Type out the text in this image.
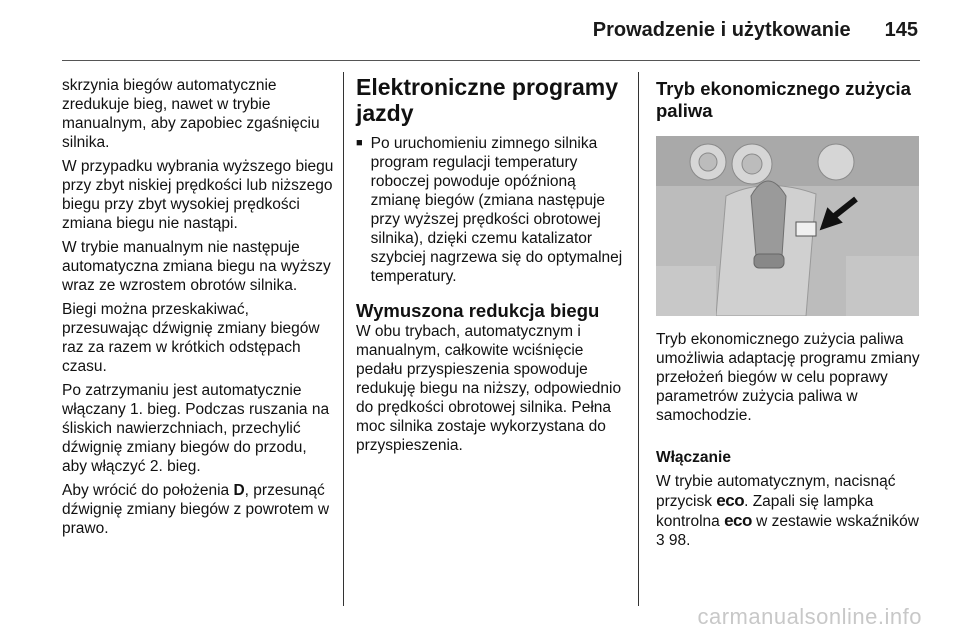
Prowadzenie i użytkowanie 145

skrzynia biegów automatycznie zredukuje bieg, nawet w trybie manualnym, aby zapobiec zgaśnięciu silnika.

W przypadku wybrania wyższego biegu przy zbyt niskiej prędkości lub niższego biegu przy zbyt wysokiej prędkości zmiana biegu nie nastąpi.

W trybie manualnym nie następuje automatyczna zmiana biegu na wyższy wraz ze wzrostem obrotów silnika.

Biegi można przeskakiwać, przesuwając dźwignię zmiany biegów raz za razem w krótkich odstępach czasu.

Po zatrzymaniu jest automatycznie włączany 1. bieg. Podczas ruszania na śliskich nawierzchniach, przechylić dźwignię zmiany biegów do przodu, aby włączyć 2. bieg.

Aby wrócić do położenia D, przesunąć dźwignię zmiany biegów z powrotem w prawo.

Elektroniczne programy jazdy
■ Po uruchomieniu zimnego silnika program regulacji temperatury roboczej powoduje opóźnioną zmianę biegów (zmiana następuje przy wyższej prędkości obrotowej silnika), dzięki czemu katalizator szybciej nagrzewa się do optymalnej temperatury.
Wymuszona redukcja biegu

W obu trybach, automatycznym i manualnym, całkowite wciśnięcie pedału przyspieszenia spowoduje redukuję biegu na niższy, odpowiednio do prędkości obrotowej silnika. Pełna moc silnika zostaje wykorzystana do przyspieszenia.

Tryb ekonomicznego zużycia paliwa

Tryb ekonomicznego zużycia paliwa umożliwia adaptację programu zmiany przełożeń biegów w celu poprawy parametrów zużycia paliwa w samochodzie.

Włączanie

W trybie automatycznym, nacisnąć przycisk eco. Zapali się lampka kontrolna eco w zestawie wskaźników 3 98.

carmanualsonline.info
